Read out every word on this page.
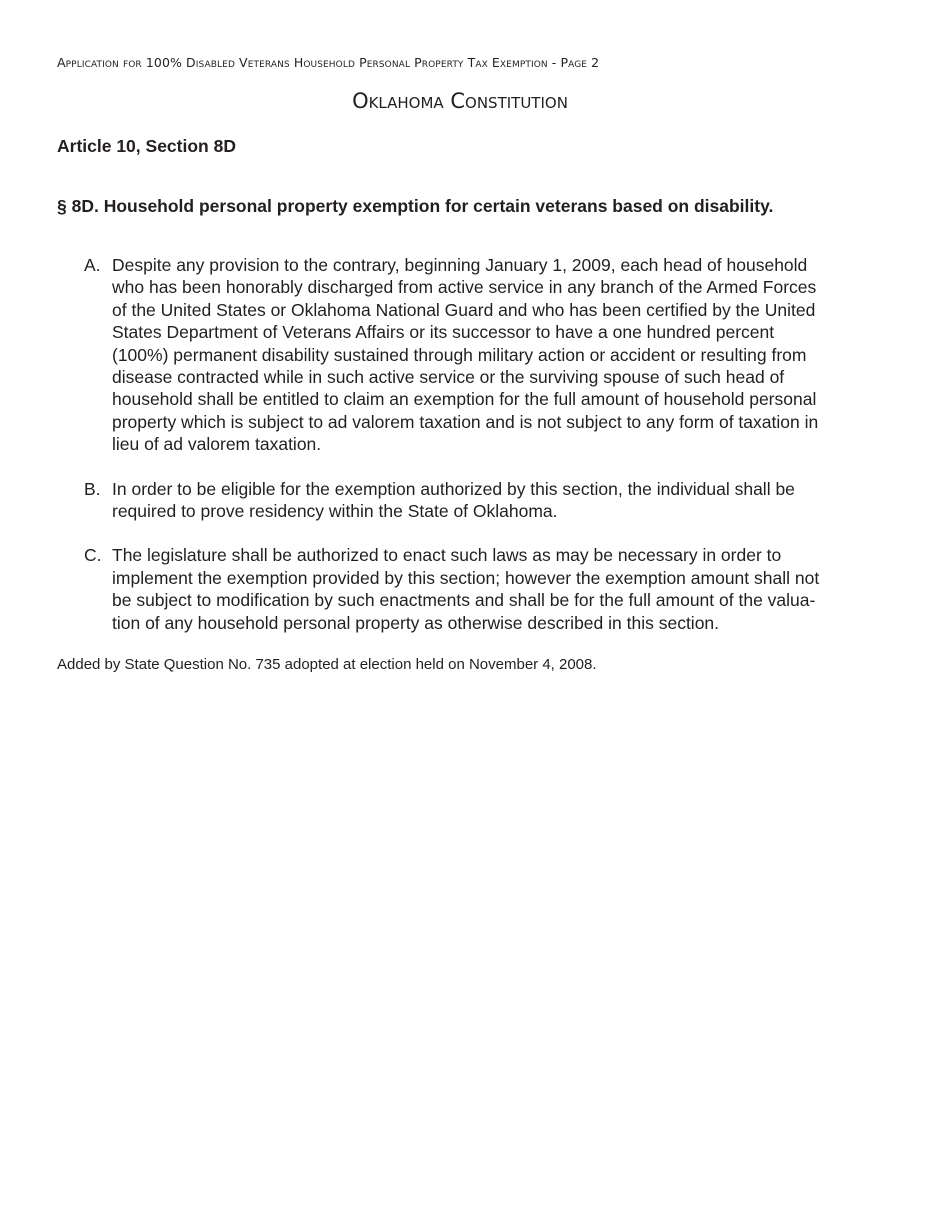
Application for 100% Disabled Veterans Household Personal Property Tax Exemption - Page 2
Oklahoma Constitution
Article 10, Section 8D
§ 8D. Household personal property exemption for certain veterans based on disability.
A. Despite any provision to the contrary, beginning January 1, 2009, each head of household
who has been honorably discharged from active service in any branch of the Armed Forces
of the United States or Oklahoma National Guard and who has been certified by the United
States Department of Veterans Affairs or its successor to have a one hundred percent
(100%) permanent disability sustained through military action or accident or resulting from
disease contracted while in such active service or the surviving spouse of such head of
household shall be entitled to claim an exemption for the full amount of household personal
property which is subject to ad valorem taxation and is not subject to any form of taxation in
lieu of ad valorem taxation.
B. In order to be eligible for the exemption authorized by this section, the individual shall be
required to prove residency within the State of Oklahoma.
C. The legislature shall be authorized to enact such laws as may be necessary in order to
implement the exemption provided by this section; however the exemption amount shall not
be subject to modification by such enactments and shall be for the full amount of the valua-
tion of any household personal property as otherwise described in this section.
Added by State Question No. 735 adopted at election held on November 4, 2008.
